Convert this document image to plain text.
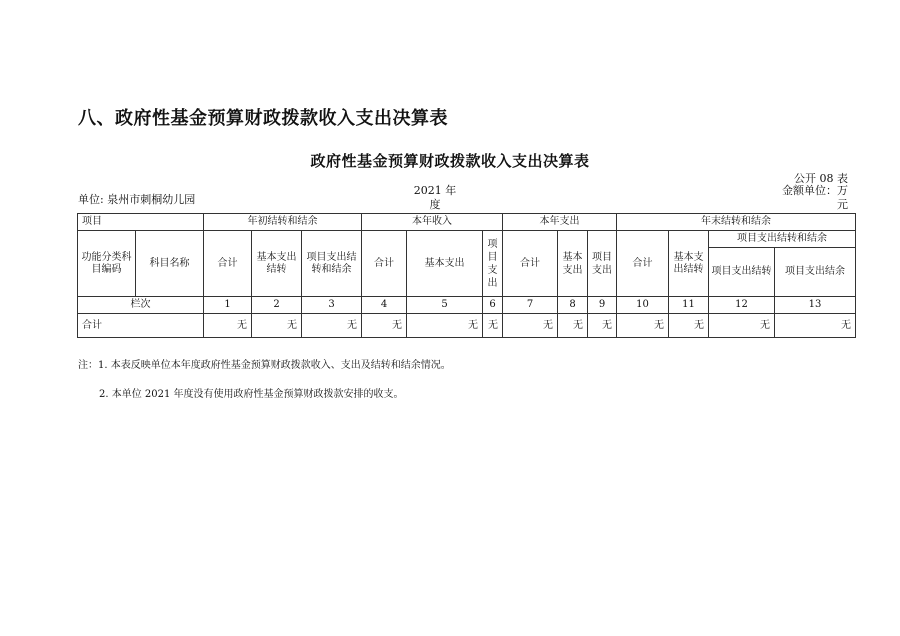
八、政府性基金预算财政拨款收入支出决算表
政府性基金预算财政拨款收入支出决算表
公开 08 表
单位: 泉州市刺桐幼儿园
2021 年
度
金额单位：万
元
项目		年初结转和结余			本年收入			本年支出			年末结转和结余			
功能分类科目编码	科目名称	合计	基本支出结转	项目支出结转和结余	合计	基本支出	项目支出	合计	基本支出	项目支出	合计	基本支出结转	项目支出结转和结余	
													项目支出结转	项目支出结余
栏次		1	2	3	4	5	6	7	8	9	10	11	12	13
合计		无	无	无	无	无	无	无	无	无	无	无	无	无
注：1. 本表反映单位本年度政府性基金预算财政拨款收入、支出及结转和结余情况。
2. 本单位 2021 年度没有使用政府性基金预算财政拨款安排的收支。
